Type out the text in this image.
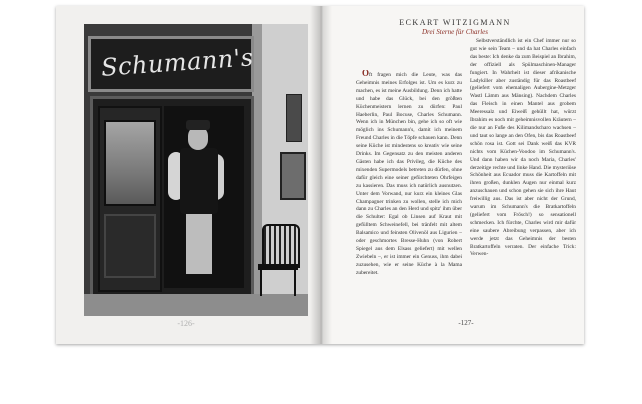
Schumann's
-126-
ECKART WITZIGMANN
Drei Sterne für Charles

Oft fragen mich die Leute, was das Geheimnis meines Erfolges ist. Um es kurz zu machen, es ist meine Ausbildung. Denn ich hatte und habe das Glück, bei den größten Küchenmeistern lernen zu dürfen: Paul Haeberlin, Paul Bocuse, Charles Schumann. Wenn ich in München bin, gehe ich so oft wie möglich ins Schumann's, damit ich meinem Freund Charles in die Töpfe schauen kann. Denn seine Küche ist mindestens so kreativ wie seine Drinks. Im Gegensatz zu den meisten anderen Gästen habe ich das Privileg, die Küche des mixenden Supermodels betreten zu dürfen, ohne dafür gleich eine seiner gefürchteten Ohrfeigen zu kassieren. Das muss ich natürlich ausnutzen. Unter dem Vorwand, nur kurz ein kleines Glas Champagner trinken zu wollen, stelle ich mich dann zu Charles an den Herd und spitz' ihm über die Schulter: Egal ob Linsen auf Kraut mit gefülltem Schweinefell, bei tränfelt mit altem Balsamico und feinsten Olivenöl aus Ligurien – oder geschmortes Bresse-Huhn (von Robert Spiegel aus dem Elsass geliefert) mit wellen Zwiebeln –, er ist immer ein Genuss, ihm dabei zuzusehen, wie er seine Küche à la Mama zubereitet.

Selbstverständlich ist ein Chef immer nur so gut wie sein Team – und da hat Charles einfach das beste: Ich denke da zum Beispiel an Ibrahim, der offiziell als Spülmaschinen-Manager fungiert. In Wahrheit ist dieser afrikanische Ladykiller aber zuständig für das Roastbeef (geliefert vom ehemaligen Aubergine-Metzger Wastl Lämm aus Mänsing). Nachdem Charles das Fleisch in einen Mantel aus grobem Meeressalz und Eiweiß gehüllt hat, würzt Ibrahim es noch mit geheimnisvollen Kräutern – die nur an Fuße des Kilimandscharo wachsen – und taut so lange an den Ofen, bis das Roastbeef schön rosa ist. Gott sei Dank weiß das KVR nichts vom Küchen-Voodoo im Schumann's. Und dann haben wir da noch Maria, Charles' derzeitige rechte und linke Hand. Die mysteriöse Schönheit aus Ecuador muss die Kartoffeln mit ihren großen, dunklen Augen nur einmal kurz anzuschauen und schon gehen sie sich ihre Haut freiwillig aus. Das ist aber nicht der Grund, warum im Schumann's die Bratkartoffeln (geliefert vom Frösch!) so sensationell schmecken. Ich fürchte, Charles wird mir dafür eine saubere Abreibung verpassen, aber ich werde jetzt das Geheimnis der besten Bratkartoffeln verraten. Der einfache Trick: Verwen-

-127-
